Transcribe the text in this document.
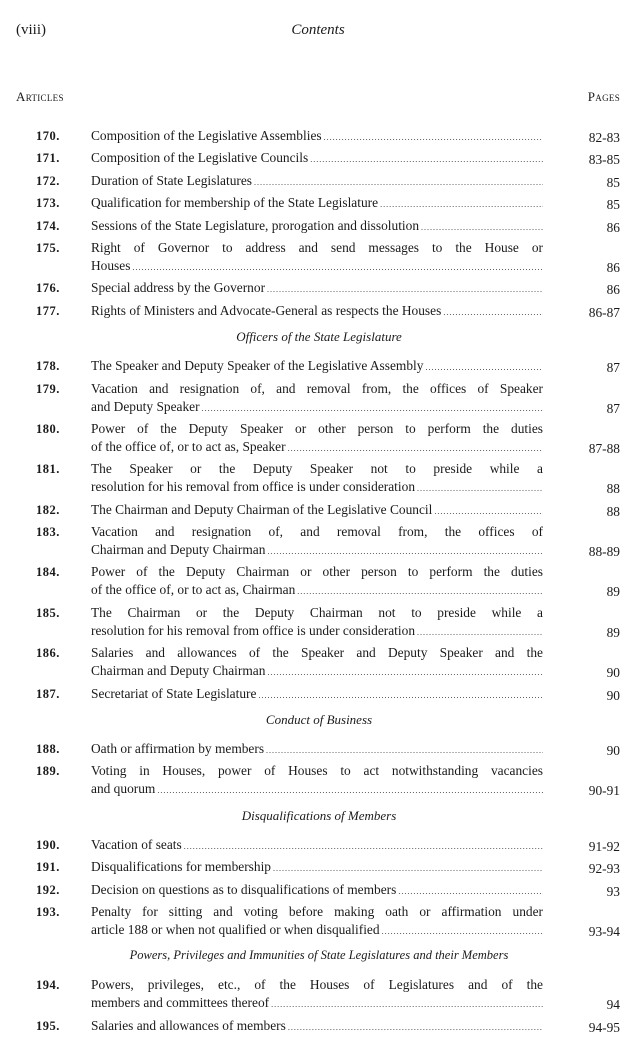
(viii)	Contents
Articles	Pages
170. Composition of the Legislative Assemblies .....	82-83
171. Composition of the Legislative Councils .....	83-85
172. Duration of State Legislatures .....	85
173. Qualification for membership of the State Legislature .....	85
174. Sessions of the State Legislature, prorogation and dissolution .....	86
175. Right of Governor to address and send messages to the House or
Houses .....	86
176. Special address by the Governor .....	86
177. Rights of Ministers and Advocate-General as respects the Houses .....	86-87
Officers of the State Legislature
178. The Speaker and Deputy Speaker of the Legislative Assembly .....	87
179. Vacation and resignation of, and removal from, the offices of Speaker
and Deputy Speaker .....	87
180. Power of the Deputy Speaker or other person to perform the duties
of the office of, or to act as, Speaker .....	87-88
181. The Speaker or the Deputy Speaker not to preside while a
resolution for his removal from office is under consideration .....	88
182. The Chairman and Deputy Chairman of the Legislative Council .....	88
183. Vacation and resignation of, and removal from, the offices of
Chairman and Deputy Chairman .....	88-89
184. Power of the Deputy Chairman or other person to perform the duties
of the office of, or to act as, Chairman .....	89
185. The Chairman or the Deputy Chairman not to preside while a
resolution for his removal from office is under consideration .....	89
186. Salaries and allowances of the Speaker and Deputy Speaker and the
Chairman and Deputy Chairman .....	90
187. Secretariat of State Legislature .....	90
Conduct of Business
188. Oath or affirmation by members .....	90
189. Voting in Houses, power of Houses to act notwithstanding vacancies
and quorum .....	90-91
Disqualifications of Members
190. Vacation of seats .....	91-92
191. Disqualifications for membership .....	92-93
192. Decision on questions as to disqualifications of members .....	93
193. Penalty for sitting and voting before making oath or affirmation under
article 188 or when not qualified or when disqualified .....	93-94
Powers, Privileges and Immunities of State Legislatures and their Members
194. Powers, privileges, etc., of the Houses of Legislatures and of the
members and committees thereof .....	94
195. Salaries and allowances of members .....	94-95
